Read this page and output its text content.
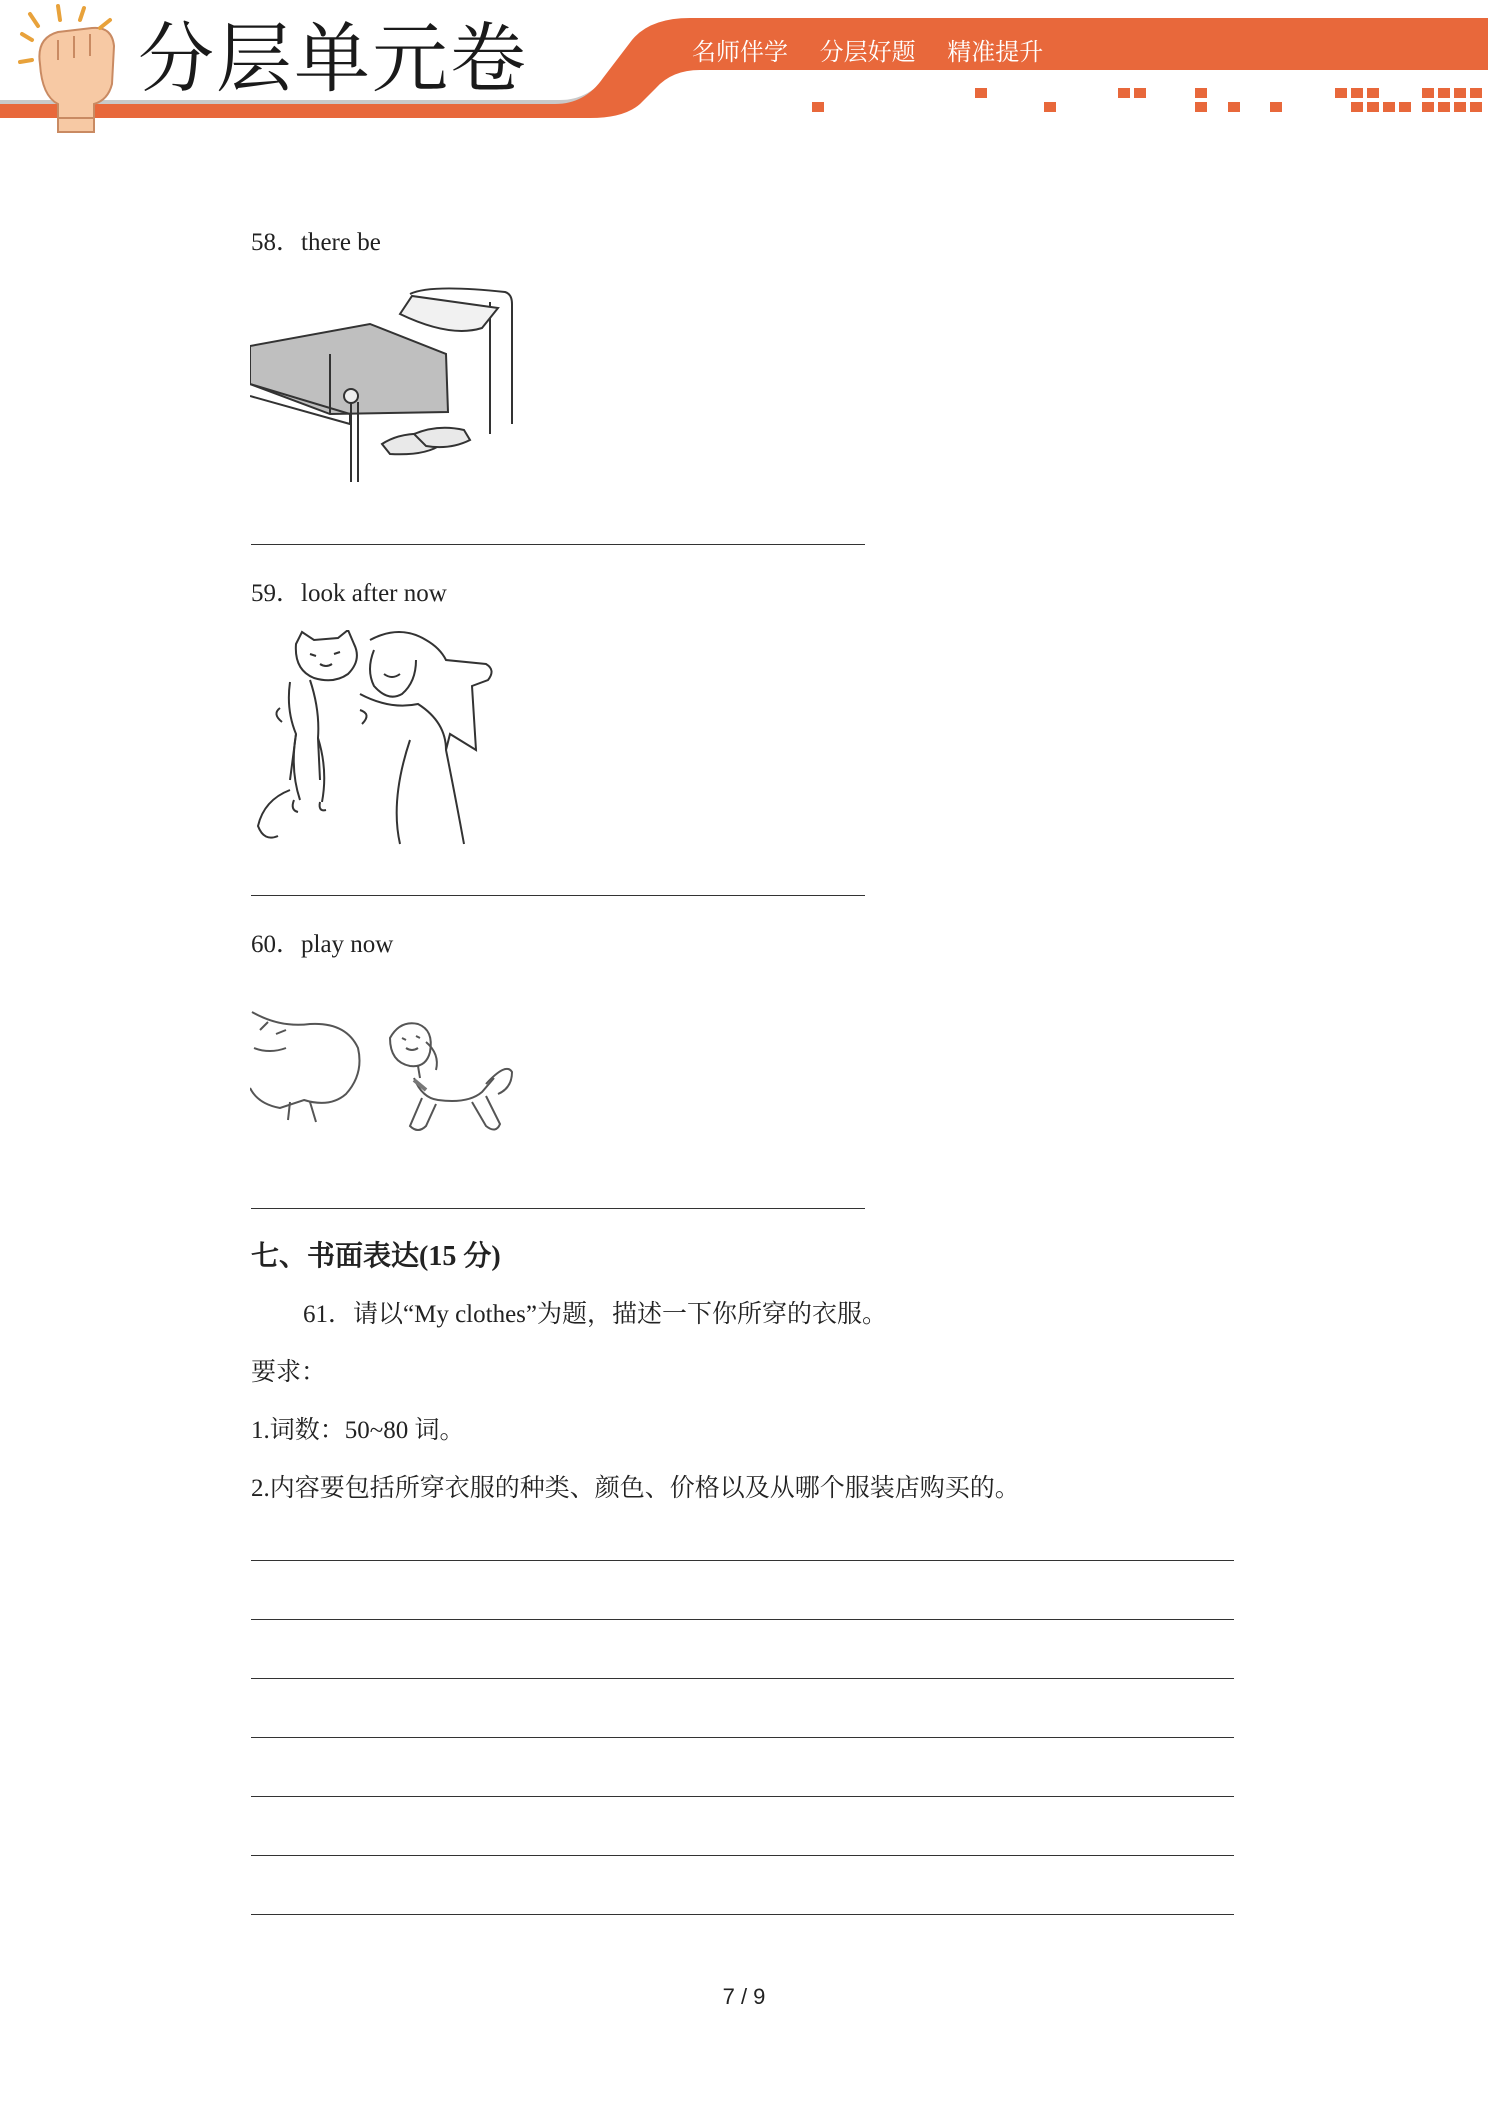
分层单元卷	名师伴学 分层好题 精准提升
58．there be
59．look after now
60．play now
七、书面表达(15 分)
61．请以“My clothes”为题，描述一下你所穿的衣服。
要求：
1.词数：50~80 词。
2.内容要包括所穿衣服的种类、颜色、价格以及从哪个服装店购买的。
7 / 9
